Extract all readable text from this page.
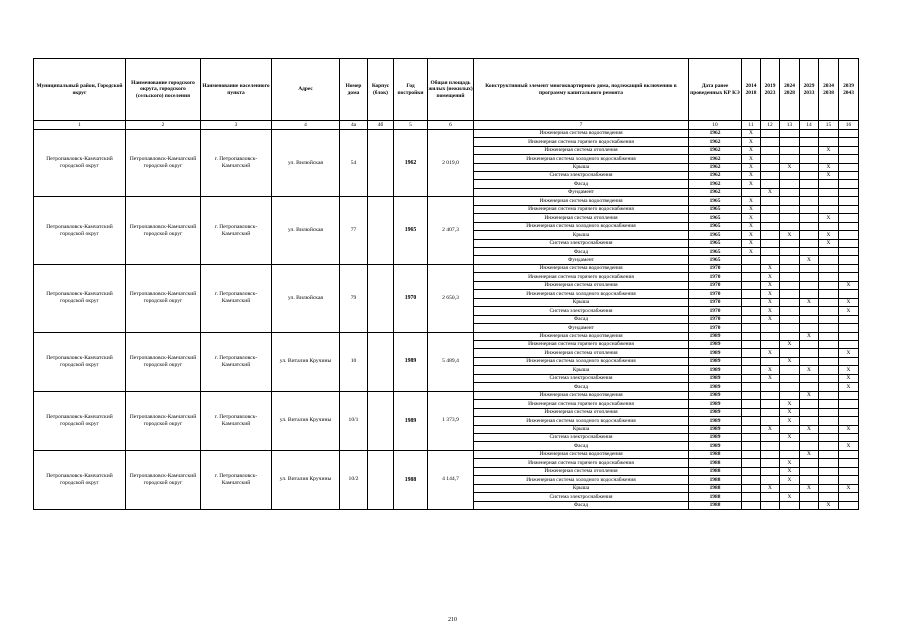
Муниципальный район, Городской округ	Наименование городского округа, городского (сельского) поселения	Наименование населенного пункта	Адрес	Номер дома	Корпус (блок)	Год постройки	Общая площадь жилых (нежилых) помещений	Конструктивный элемент многоквартирного дома, подлежащий включению в программу капитального ремонта	Дата ранее проведенных КР КЭ	2014 2018	2019 2023	2024 2028	2029 2033	2034 2038	2039 2043
1	2	3	4	4а	4б	5	6	7	10	11	12	13	14	15	16
Петропавловск-Камчатский городской округ	Петропавловск-Камчатский городской округ	г. Петропавловск-Камчатский	ул. Вилюйская	54		1962	2 019,0	Инженерная система водоотведения	1962	X					
								Инженерная система горячего водоснабжения	1962	X					
								Инженерная система отопления	1962	X				X	
								Инженерная система холодного водоснабжения	1962	X					
								Крыша	1962	X		X		X	
								Система электроснабжения	1962	X				X	
								Фасад	1962	X					
								Фундамент	1962		X				
Петропавловск-Камчатский городской округ	Петропавловск-Камчатский городской округ	г. Петропавловск-Камчатский	ул. Вилюйская	77		1965	2 407,3	Инженерная система водоотведения	1965	X					
								Инженерная система горячего водоснабжения	1965	X					
								Инженерная система отопления	1965	X				X	
								Инженерная система холодного водоснабжения	1965	X					
								Крыша	1965	X		X		X	
								Система электроснабжения	1965	X				X	
								Фасад	1965	X					
								Фундамент	1965				X		
Петропавловск-Камчатский городской округ	Петропавловск-Камчатский городской округ	г. Петропавловск-Камчатский	ул. Вилюйская	79		1970	2 650,3	Инженерная система водоотведения	1970		X				
								Инженерная система горячего водоснабжения	1970		X				
								Инженерная система отопления	1970		X				X
								Инженерная система холодного водоснабжения	1970		X				
								Крыша	1970		X		X		X
								Система электроснабжения	1970		X				X
								Фасад	1970		X				
								Фундамент	1970						
Петропавловск-Камчатский городской округ	Петропавловск-Камчатский городской округ	г. Петропавловск-Камчатский	ул. Виталия Кручины	10		1989	5 489,4	Инженерная система водоотведения	1989				X		
								Инженерная система горячего водоснабжения	1989			X			
								Инженерная система отопления	1989		X				X
								Инженерная система холодного водоснабжения	1989			X			
								Крыша	1989		X		X		X
								Система электроснабжения	1989		X				X
								Фасад	1989						X
Петропавловск-Камчатский городской округ	Петропавловск-Камчатский городской округ	г. Петропавловск-Камчатский	ул. Виталия Кручины	10/1		1989	1 373,9	Инженерная система водоотведения	1989				X		
								Инженерная система горячего водоснабжения	1989			X			
								Инженерная система отопления	1989			X			
								Инженерная система холодного водоснабжения	1989			X			
								Крыша	1989		X		X		X
								Система электроснабжения	1989			X			
								Фасад	1989						X
Петропавловск-Камчатский городской округ	Петропавловск-Камчатский городской округ	г. Петропавловск-Камчатский	ул. Виталия Кручины	10/2		1988	4 144,7	Инженерная система водоотведения	1988				X		
								Инженерная система горячего водоснабжения	1988			X			
								Инженерная система отопления	1988			X			
								Инженерная система холодного водоснабжения	1988			X			
								Крыша	1988		X		X		X
								Система электроснабжения	1988			X			
								Фасад	1988					X	
210
